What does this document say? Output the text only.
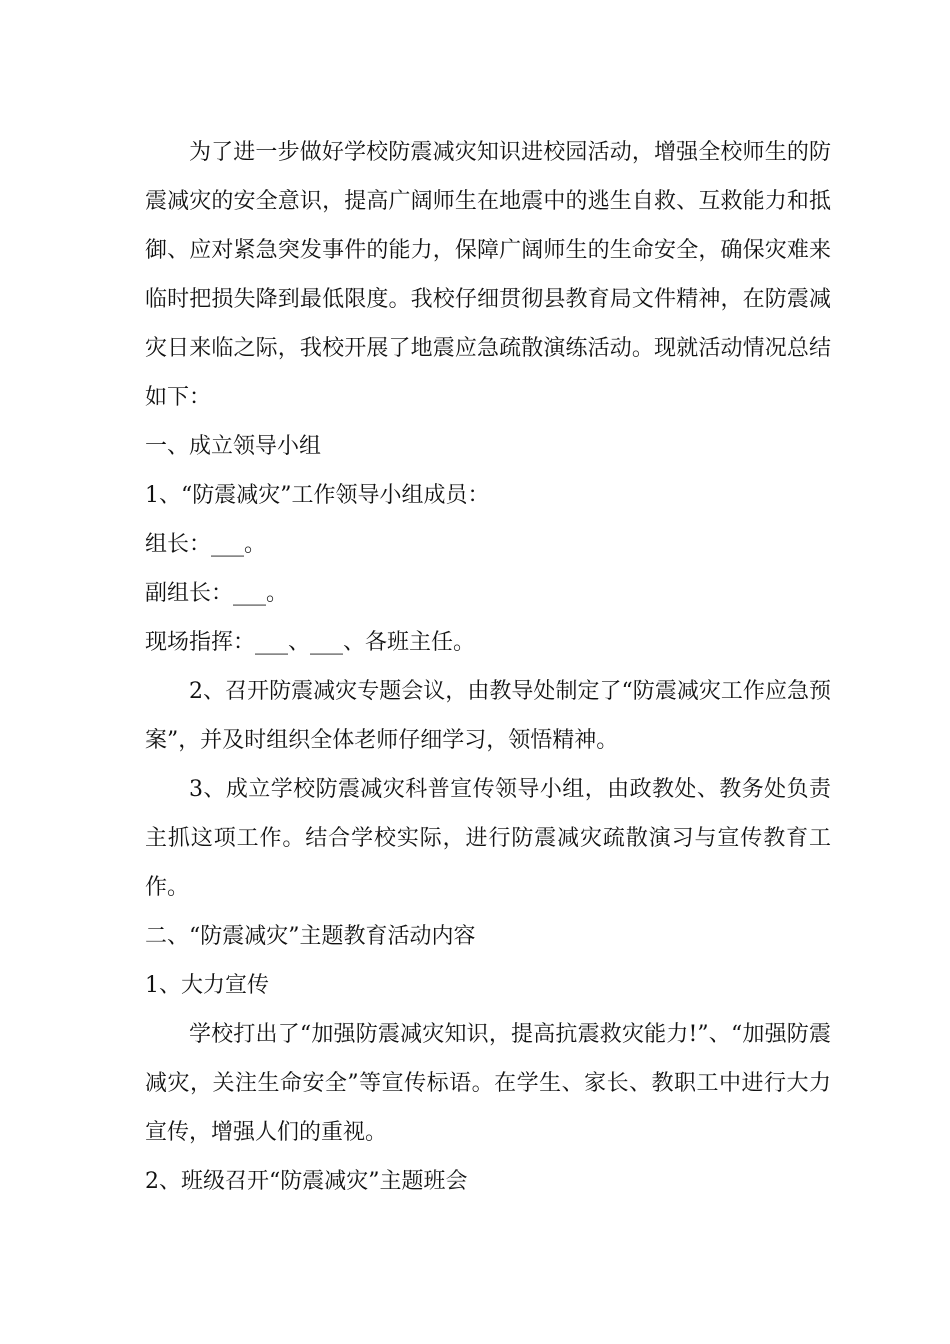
为了进一步做好学校防震减灾知识进校园活动，增强全校师生的防震减灾的安全意识，提高广阔师生在地震中的逃生自救、互救能力和抵御、应对紧急突发事件的能力，保障广阔师生的生命安全，确保灾难来临时把损失降到最低限度。我校仔细贯彻县教育局文件精神，在防震减灾日来临之际，我校开展了地震应急疏散演练活动。现就活动情况总结如下：

一、成立领导小组

1、“防震减灾”工作领导小组成员：

组长：___。

副组长：___。

现场指挥：___、___、各班主任。

2、召开防震减灾专题会议，由教导处制定了“防震减灾工作应急预案”，并及时组织全体老师仔细学习，领悟精神。

3、成立学校防震减灾科普宣传领导小组，由政教处、教务处负责主抓这项工作。结合学校实际，进行防震减灾疏散演习与宣传教育工作。

二、“防震减灾”主题教育活动内容

1、大力宣传

学校打出了“加强防震减灾知识，提高抗震救灾能力!”、“加强防震减灾，关注生命安全”等宣传标语。在学生、家长、教职工中进行大力宣传，增强人们的重视。

2、班级召开“防震减灾”主题班会
